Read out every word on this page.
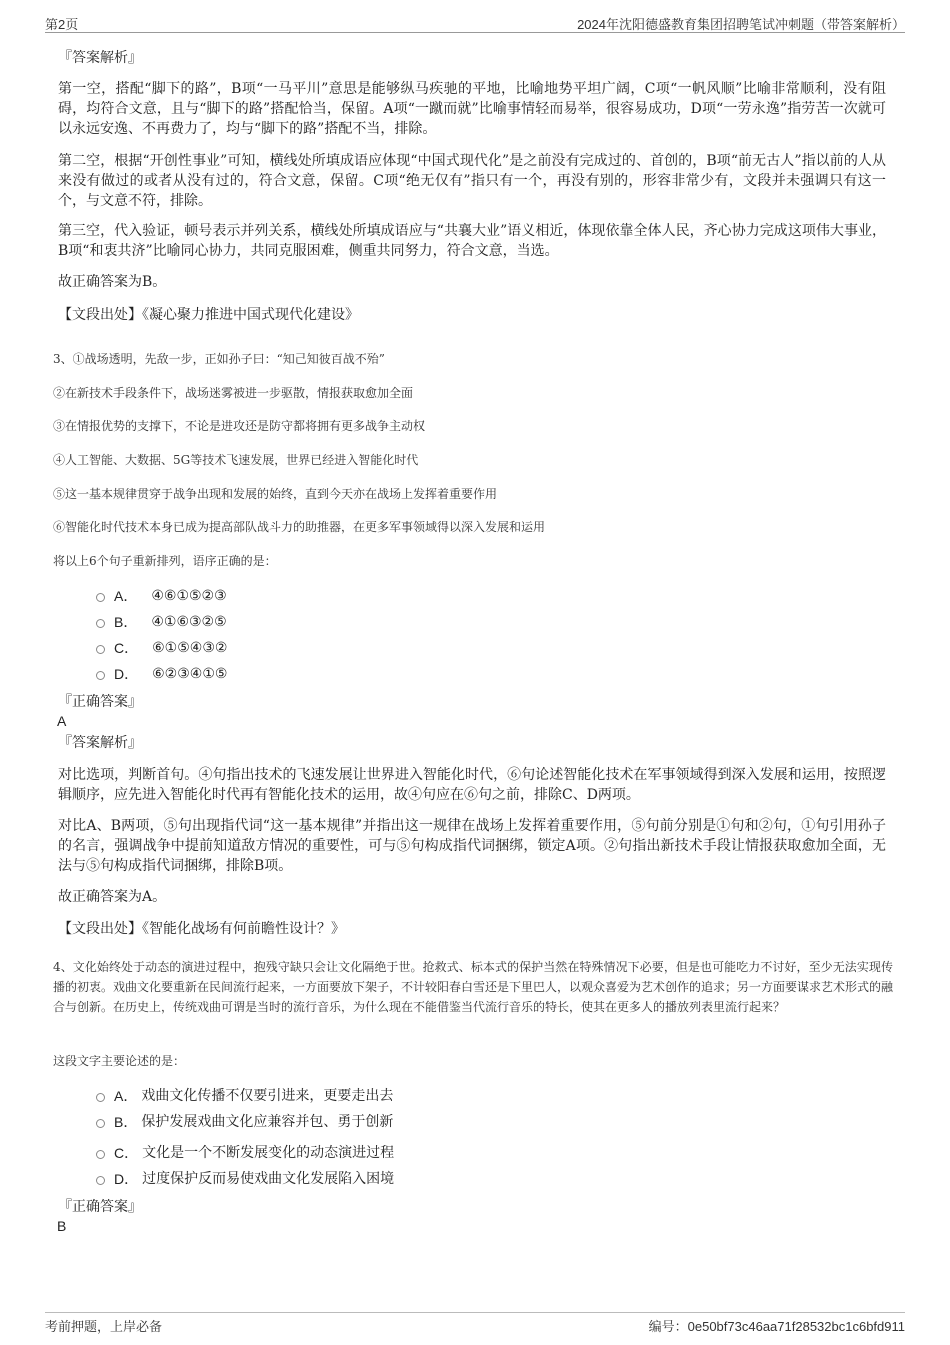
第2页	2024年沈阳德盛教育集团招聘笔试冲刺题（带答案解析）
『答案解析』
第一空，搭配“脚下的路”，B项“一马平川”意思是能够纵马疾驰的平地，比喻地势平坦广阔，C项“一帆风顺”比喻非常顺利，没有阻碍，均符合文意，且与“脚下的路”搭配恰当，保留。A项“一蹴而就”比喻事情轻而易举，很容易成功，D项“一劳永逸”指劳苦一次就可以永远安逸、不再费力了，均与“脚下的路”搭配不当，排除。
第二空，根据“开创性事业”可知，横线处所填成语应体现“中国式现代化”是之前没有完成过的、首创的，B项“前无古人”指以前的人从来没有做过的或者从没有过的，符合文意，保留。C项“绝无仅有”指只有一个，再没有别的，形容非常少有，文段并未强调只有这一个，与文意不符，排除。
第三空，代入验证，顿号表示并列关系，横线处所填成语应与“共襄大业”语义相近，体现依靠全体人民，齐心协力完成这项伟大事业，B项“和衷共济”比喻同心协力，共同克服困难，侧重共同努力，符合文意，当选。
故正确答案为B。
【文段出处】《凝心聚力推进中国式现代化建设》
3、①战场透明，先敌一步，正如孙子曰：“知己知彼百战不殆”
②在新技术手段条件下，战场迷雾被进一步驱散，情报获取愈加全面
③在情报优势的支撑下，不论是进攻还是防守都将拥有更多战争主动权
④人工智能、大数据、5G等技术飞速发展，世界已经进入智能化时代
⑤这一基本规律贯穿于战争出现和发展的始终，直到今天亦在战场上发挥着重要作用
⑥智能化时代技术本身已成为提高部队战斗力的助推器，在更多军事领域得以深入发展和运用
将以上6个句子重新排列，语序正确的是：
A． ④⑥①⑤②③
B． ④①⑥③②⑤
C． ⑥①⑤④③②
D． ⑥②③④①⑤
『正确答案』
A
『答案解析』
对比选项，判断首句。④句指出技术的飞速发展让世界进入智能化时代，⑥句论述智能化技术在军事领域得到深入发展和运用，按照逻辑顺序，应先进入智能化时代再有智能化技术的运用，故④句应在⑥句之前，排除C、D两项。
对比A、B两项，⑤句出现指代词“这一基本规律”并指出这一规律在战场上发挥着重要作用，⑤句前分别是①句和②句，①句引用孙子的名言，强调战争中提前知道敌方情况的重要性，可与⑤句构成指代词捆绑，锁定A项。②句指出新技术手段让情报获取愈加全面，无法与⑤句构成指代词捆绑，排除B项。
故正确答案为A。
【文段出处】《智能化战场有何前瞻性设计？》
4、文化始终处于动态的演进过程中，抱残守缺只会让文化隔绝于世。抢救式、标本式的保护当然在特殊情况下必要，但是也可能吃力不讨好，至少无法实现传播的初衷。戏曲文化要重新在民间流行起来，一方面要放下架子，不计较阳春白雪还是下里巴人，以观众喜爱为艺术创作的追求；另一方面要谋求艺术形式的融合与创新。在历史上，传统戏曲可谓是当时的流行音乐，为什么现在不能借鉴当代流行音乐的特长，使其在更多人的播放列表里流行起来？
这段文字主要论述的是：
A． 戏曲文化传播不仅要引进来，更要走出去
B． 保护发展戏曲文化应兼容并包、勇于创新
C． 文化是一个不断发展变化的动态演进过程
D． 过度保护反而易使戏曲文化发展陷入困境
『正确答案』
B
考前押题，上岸必备	编号：0e50bf73c46aa71f28532bc1c6bfd911
